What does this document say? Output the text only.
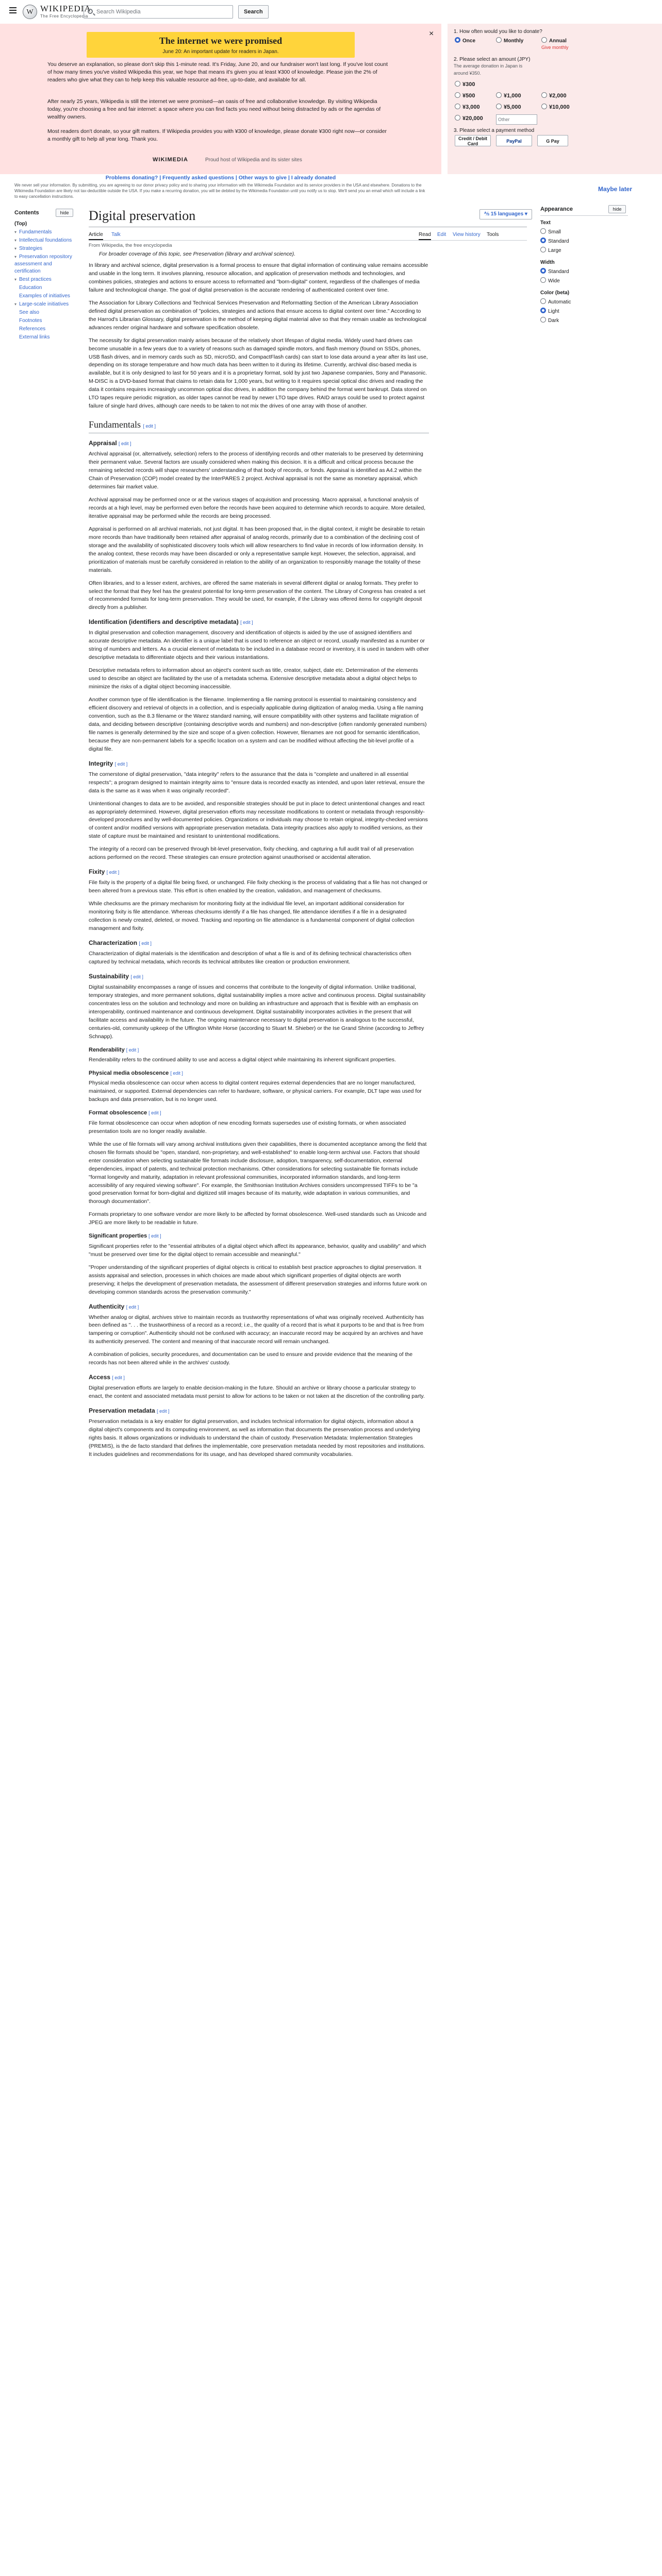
W WIKIPEDIA
The Free Encyclopedia
Search Wikipedia	Search
×
The internet we were promised
June 20: An important update for readers in Japan.
You deserve an explanation, so please don't skip this 1-minute read. It's Friday, June 20, and our fundraiser won't last long. If you've lost count of how many times you've visited Wikipedia this year, we hope that means it's given you at least ¥300 of knowledge. Please join the 2% of readers who give what they can to help keep this valuable resource ad-free, up-to-date, and available for all.
After nearly 25 years, Wikipedia is still the internet we were promised—an oasis of free and collaborative knowledge. By visiting Wikipedia today, you're choosing a free and fair internet: a space where you can find facts you need without being distracted by ads or the agendas of wealthy owners.
Most readers don't donate, so your gift matters. If Wikipedia provides you with ¥300 of knowledge, please donate ¥300 right now—or consider a monthly gift to help all year long. Thank you.
WIKIMEDIA	Proud host of Wikipedia and its sister sites
Problems donating? | Frequently asked questions | Other ways to give | I already donated
We never sell your information. By submitting, you are agreeing to our donor privacy policy and to sharing your information with the Wikimedia Foundation and its service providers in the USA and elsewhere. Donations to the Wikimedia Foundation are likely not tax-deductible outside the USA. If you make a recurring donation, you will be debited by the Wikimedia Foundation until you notify us to stop. We'll send you an email which will include a link to easy cancellation instructions.
1. How often would you like to donate?
Once	Monthly	Annual
Give monthly
2. Please select an amount (JPY)
The average donation in Japan is around ¥350.
¥300
¥500	¥1,000	¥2,000
¥3,000	¥5,000	¥10,000
¥20,000	Other
3. Please select a payment method
Credit / Debit Card	PayPal	G Pay
Maybe later
Contents	hide
(Top)
▾ Fundamentals
▾ Intellectual foundations
▾ Strategies
▾ Preservation repository assessment and certification
▾ Best practices
Education
Examples of initiatives
▾ Large-scale initiatives
See also
Footnotes
References
External links
Digital preservation	⅍ 15 languages ▾
Article Talk	Read Edit View history Tools
From Wikipedia, the free encyclopedia
For broader coverage of this topic, see Preservation (library and archival science).

In library and archival science, digital preservation is a formal process to ensure that digital information of continuing value remains accessible and usable in the long term. It involves planning, resource allocation, and application of preservation methods and technologies, and combines policies, strategies and actions to ensure access to reformatted and "born-digital" content, regardless of the challenges of media failure and technological change. The goal of digital preservation is the accurate rendering of authenticated content over time.

The Association for Library Collections and Technical Services Preservation and Reformatting Section of the American Library Association defined digital preservation as combination of "policies, strategies and actions that ensure access to digital content over time." According to the Harrod's Librarian Glossary, digital preservation is the method of keeping digital material alive so that they remain usable as technological advances render original hardware and software specification obsolete.

The necessity for digital preservation mainly arises because of the relatively short lifespan of digital media. Widely used hard drives can become unusable in a few years due to a variety of reasons such as damaged spindle motors, and flash memory (found on SSDs, phones, USB flash drives, and in memory cards such as SD, microSD, and CompactFlash cards) can start to lose data around a year after its last use, depending on its storage temperature and how much data has been written to it during its lifetime. Currently, archival disc-based media is available, but it is only designed to last for 50 years and it is a proprietary format, sold by just two Japanese companies, Sony and Panasonic. M-DISC is a DVD-based format that claims to retain data for 1,000 years, but writing to it requires special optical disc drives and reading the data it contains requires increasingly uncommon optical disc drives, in addition the company behind the format went bankrupt. Data stored on LTO tapes require periodic migration, as older tapes cannot be read by newer LTO tape drives. RAID arrays could be used to protect against failure of single hard drives, although care needs to be taken to not mix the drives of one array with those of another.

Fundamentals [ edit ]
Appraisal [ edit ]

Archival appraisal (or, alternatively, selection) refers to the process of identifying records and other materials to be preserved by determining their permanent value. Several factors are usually considered when making this decision. It is a difficult and critical process because the remaining selected records will shape researchers' understanding of that body of records, or fonds. Appraisal is identified as A4.2 within the Chain of Preservation (COP) model created by the InterPARES 2 project. Archival appraisal is not the same as monetary appraisal, which determines fair market value.

Archival appraisal may be performed once or at the various stages of acquisition and processing. Macro appraisal, a functional analysis of records at a high level, may be performed even before the records have been acquired to determine which records to acquire. More detailed, iterative appraisal may be performed while the records are being processed.

Appraisal is performed on all archival materials, not just digital. It has been proposed that, in the digital context, it might be desirable to retain more records than have traditionally been retained after appraisal of analog records, primarily due to a combination of the declining cost of storage and the availability of sophisticated discovery tools which will allow researchers to find value in records of low information density. In the analog context, these records may have been discarded or only a representative sample kept. However, the selection, appraisal, and prioritization of materials must be carefully considered in relation to the ability of an organization to responsibly manage the totality of these materials.

Often libraries, and to a lesser extent, archives, are offered the same materials in several different digital or analog formats. They prefer to select the format that they feel has the greatest potential for long-term preservation of the content. The Library of Congress has created a set of recommended formats for long-term preservation. They would be used, for example, if the Library was offered items for copyright deposit directly from a publisher.

Identification (identifiers and descriptive metadata) [ edit ]

In digital preservation and collection management, discovery and identification of objects is aided by the use of assigned identifiers and accurate descriptive metadata. An identifier is a unique label that is used to reference an object or record, usually manifested as a number or string of numbers and letters. As a crucial element of metadata to be included in a database record or inventory, it is used in tandem with other descriptive metadata to differentiate objects and their various instantiations.

Descriptive metadata refers to information about an object's content such as title, creator, subject, date etc. Determination of the elements used to describe an object are facilitated by the use of a metadata schema. Extensive descriptive metadata about a digital object helps to minimize the risks of a digital object becoming inaccessible.

Another common type of file identification is the filename. Implementing a file naming protocol is essential to maintaining consistency and efficient discovery and retrieval of objects in a collection, and is especially applicable during digitization of analog media. Using a file naming convention, such as the 8.3 filename or the Warez standard naming, will ensure compatibility with other systems and facilitate migration of data, and deciding between descriptive (containing descriptive words and numbers) and non-descriptive (often randomly generated numbers) file names is generally determined by the size and scope of a given collection. However, filenames are not good for semantic identification, because they are non-permanent labels for a specific location on a system and can be modified without affecting the bit-level profile of a digital file.

Integrity [ edit ]

The cornerstone of digital preservation, "data integrity" refers to the assurance that the data is "complete and unaltered in all essential respects"; a program designed to maintain integrity aims to "ensure data is recorded exactly as intended, and upon later retrieval, ensure the data is the same as it was when it was originally recorded".

Unintentional changes to data are to be avoided, and responsible strategies should be put in place to detect unintentional changes and react as appropriately determined. However, digital preservation efforts may necessitate modifications to content or metadata through responsibly-developed procedures and by well-documented policies. Organizations or individuals may choose to retain original, integrity-checked versions of content and/or modified versions with appropriate preservation metadata. Data integrity practices also apply to modified versions, as their state of capture must be maintained and resistant to unintentional modifications.

The integrity of a record can be preserved through bit-level preservation, fixity checking, and capturing a full audit trail of all preservation actions performed on the record. These strategies can ensure protection against unauthorised or accidental alteration.

Fixity [ edit ]

File fixity is the property of a digital file being fixed, or unchanged. File fixity checking is the process of validating that a file has not changed or been altered from a previous state. This effort is often enabled by the creation, validation, and management of checksums.

While checksums are the primary mechanism for monitoring fixity at the individual file level, an important additional consideration for monitoring fixity is file attendance. Whereas checksums identify if a file has changed, file attendance identifies if a file in a designated collection is newly created, deleted, or moved. Tracking and reporting on file attendance is a fundamental component of digital collection management and fixity.

Characterization [ edit ]

Characterization of digital materials is the identification and description of what a file is and of its defining technical characteristics often captured by technical metadata, which records its technical attributes like creation or production environment.

Sustainability [ edit ]

Digital sustainability encompasses a range of issues and concerns that contribute to the longevity of digital information. Unlike traditional, temporary strategies, and more permanent solutions, digital sustainability implies a more active and continuous process. Digital sustainability concentrates less on the solution and technology and more on building an infrastructure and approach that is flexible with an emphasis on interoperability, continued maintenance and continuous development. Digital sustainability incorporates activities in the present that will facilitate access and availability in the future. The ongoing maintenance necessary to digital preservation is analogous to the successful, centuries-old, community upkeep of the Uffington White Horse (according to Stuart M. Shieber) or the Ise Grand Shrine (according to Jeffrey Schnapp).

Renderability [ edit ]

Renderability refers to the continued ability to use and access a digital object while maintaining its inherent significant properties.

Physical media obsolescence [ edit ]

Physical media obsolescence can occur when access to digital content requires external dependencies that are no longer manufactured, maintained, or supported. External dependencies can refer to hardware, software, or physical carriers. For example, DLT tape was used for backups and data preservation, but is no longer used.

Format obsolescence [ edit ]

File format obsolescence can occur when adoption of new encoding formats supersedes use of existing formats, or when associated presentation tools are no longer readily available.

While the use of file formats will vary among archival institutions given their capabilities, there is documented acceptance among the field that chosen file formats should be "open, standard, non-proprietary, and well-established" to enable long-term archival use. Factors that should enter consideration when selecting sustainable file formats include disclosure, adoption, transparency, self-documentation, external dependencies, impact of patents, and technical protection mechanisms. Other considerations for selecting sustainable file formats include "format longevity and maturity, adaptation in relevant professional communities, incorporated information standards, and long-term accessibility of any required viewing software". For example, the Smithsonian Institution Archives considers uncompressed TIFFs to be "a good preservation format for born-digital and digitized still images because of its maturity, wide adaptation in various communities, and thorough documentation".

Formats proprietary to one software vendor are more likely to be affected by format obsolescence. Well-used standards such as Unicode and JPEG are more likely to be readable in future.

Significant properties [ edit ]

Significant properties refer to the "essential attributes of a digital object which affect its appearance, behavior, quality and usability" and which "must be preserved over time for the digital object to remain accessible and meaningful."

"Proper understanding of the significant properties of digital objects is critical to establish best practice approaches to digital preservation. It assists appraisal and selection, processes in which choices are made about which significant properties of digital objects are worth preserving; it helps the development of preservation metadata, the assessment of different preservation strategies and informs future work on developing common standards across the preservation community."

Authenticity [ edit ]

Whether analog or digital, archives strive to maintain records as trustworthy representations of what was originally received. Authenticity has been defined as ". . . the trustworthiness of a record as a record; i.e., the quality of a record that is what it purports to be and that is free from tampering or corruption". Authenticity should not be confused with accuracy; an inaccurate record may be acquired by an archives and have its authenticity preserved. The content and meaning of that inaccurate record will remain unchanged.

A combination of policies, security procedures, and documentation can be used to ensure and provide evidence that the meaning of the records has not been altered while in the archives' custody.

Access [ edit ]

Digital preservation efforts are largely to enable decision-making in the future. Should an archive or library choose a particular strategy to enact, the content and associated metadata must persist to allow for actions to be taken or not taken at the discretion of the controlling party.

Preservation metadata [ edit ]

Preservation metadata is a key enabler for digital preservation, and includes technical information for digital objects, information about a digital object's components and its computing environment, as well as information that documents the preservation process and underlying rights basis. It allows organizations or individuals to understand the chain of custody. Preservation Metadata: Implementation Strategies (PREMIS), is the de facto standard that defines the implementable, core preservation metadata needed by most repositories and institutions. It includes guidelines and recommendations for its usage, and has developed shared community vocabularies.

Appearance	hide
Text
Small
Standard
Large
Width
Standard
Wide
Color (beta)
Automatic
Light
Dark
